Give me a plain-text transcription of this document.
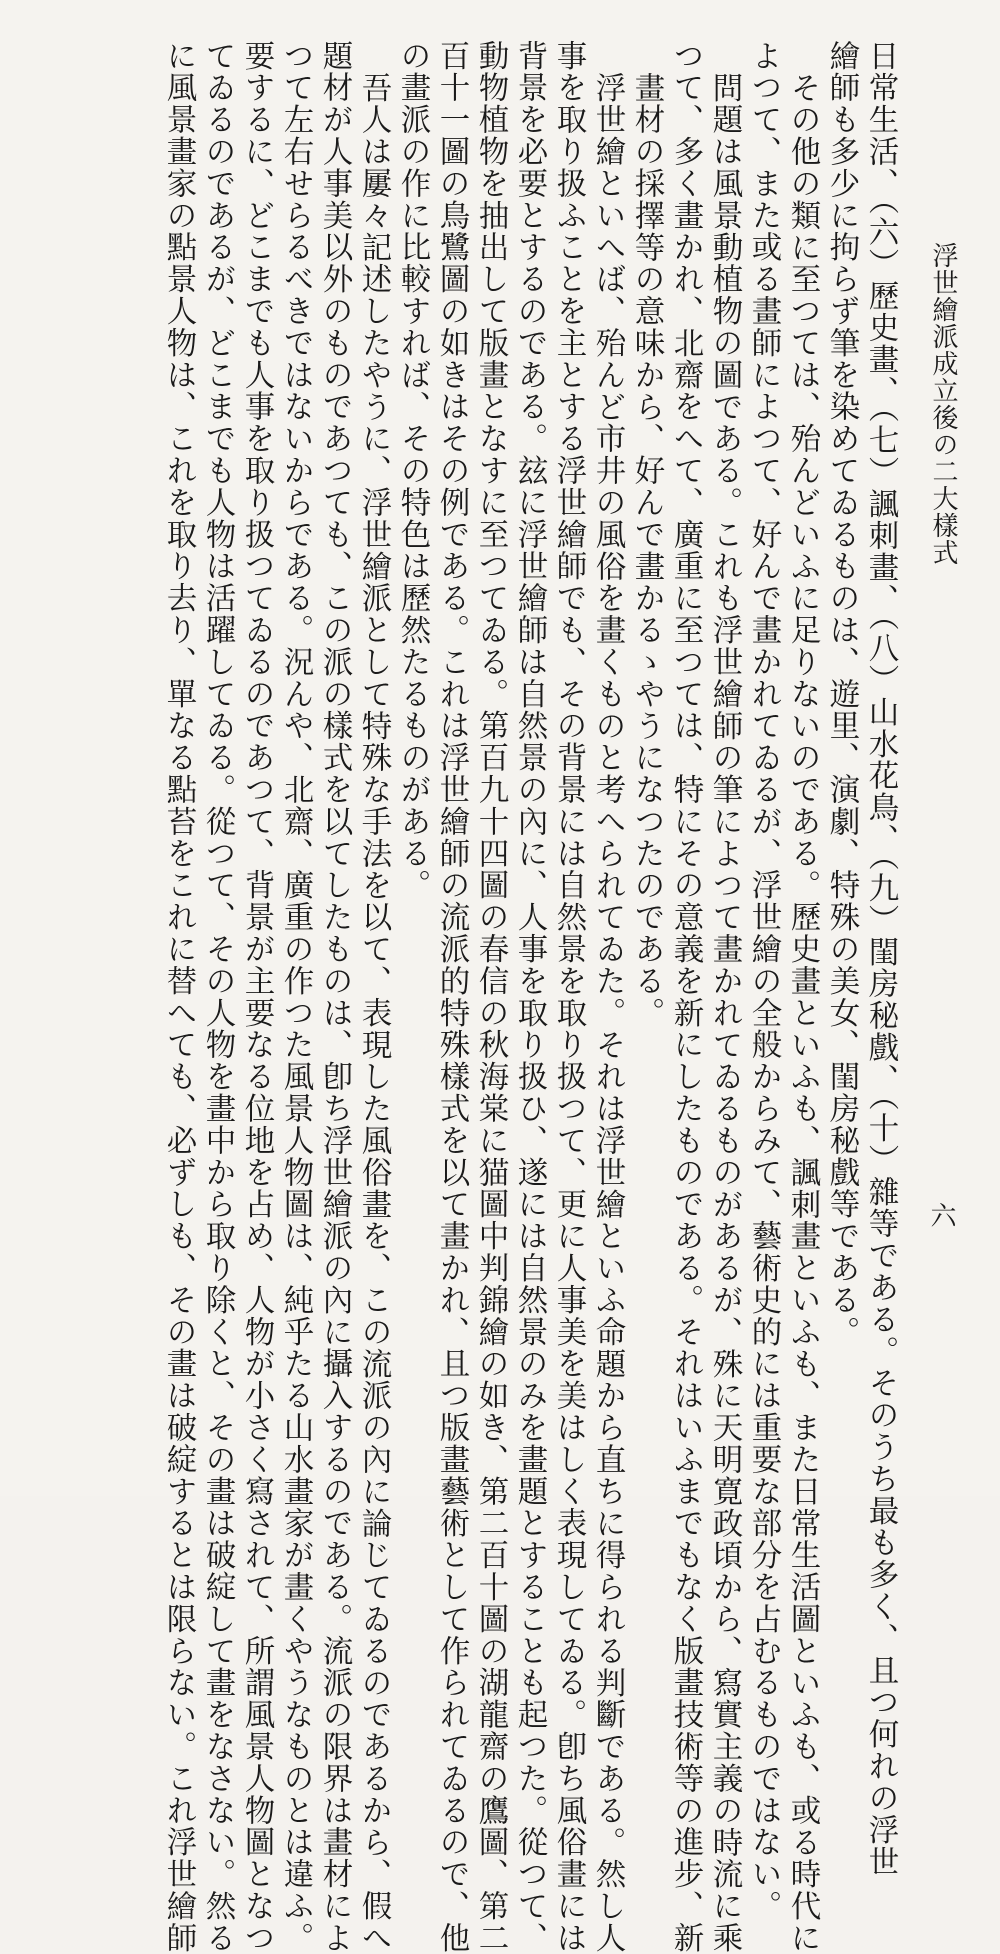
浮世繪派成立後の二大樣式
六
日常生活、（六）歷史畫、（七）諷刺畫、（八）山水花鳥、（九）閨房秘戲、（十）雜等である。そのうち最も多く、且つ何れの浮世
繪師も多少に拘らず筆を染めてゐるものは、遊里、演劇、特殊の美女、閨房秘戲等である。
その他の類に至つては、殆んどいふに足りないのである。歷史畫といふも、諷刺畫といふも、また日常生活圖といふも、或る時代に
よつて、また或る畫師によつて、好んで畫かれてゐるが、浮世繪の全般からみて、藝術史的には重要な部分を占むるものではない。
問題は風景動植物の圖である。これも浮世繪師の筆によつて畫かれてゐるものがあるが、殊に天明寛政頃から、寫實主義の時流に乘
つて、多く畫かれ、北齋をへて、廣重に至つては、特にその意義を新にしたものである。それはいふまでもなく版畫技術等の進步、新
畫材の採擇等の意味から、好んで畫かるゝやうになつたのである。
浮世繪といへば、殆んど市井の風俗を畫くものと考へられてゐた。それは浮世繪といふ命題から直ちに得られる判斷である。然し人
事を取り扱ふことを主とする浮世繪師でも、その背景には自然景を取り扱つて、更に人事美を美はしく表現してゐる。卽ち風俗畫には
背景を必要とするのである。玆に浮世繪師は自然景の內に、人事を取り扱ひ、遂には自然景のみを畫題とすることも起つた。從つて、
動物植物を抽出して版畫となすに至つてゐる。第百九十四圖の春信の秋海棠に猫圖中判錦繪の如き、第二百十圖の湖龍齋の鷹圖、第二
百十一圖の鳥鷺圖の如きはその例である。これは浮世繪師の流派的特殊樣式を以て畫かれ、且つ版畫藝術として作られてゐるので、他
の畫派の作に比較すれば、その特色は歷然たるものがある。
吾人は屢々記述したやうに、浮世繪派として特殊な手法を以て、表現した風俗畫を、この流派の內に論じてゐるのであるから、假へ
題材が人事美以外のものであつても、この派の樣式を以てしたものは、卽ち浮世繪派の內に攝入するのである。流派の限界は畫材によ
つて左右せらるべきではないからである。況んや、北齋、廣重の作つた風景人物圖は、純乎たる山水畫家が畫くやうなものとは違ふ。
要するに、どこまでも人事を取り扱つてゐるのであつて、背景が主要なる位地を占め、人物が小さく寫されて、所謂風景人物圖となつ
てゐるのであるが、どこまでも人物は活躍してゐる。從つて、その人物を畫中から取り除くと、その畫は破綻して畫をなさない。然る
に風景畫家の點景人物は、これを取り去り、單なる點苔をこれに替へても、必ずしも、その畫は破綻するとは限らない。これ浮世繪師
